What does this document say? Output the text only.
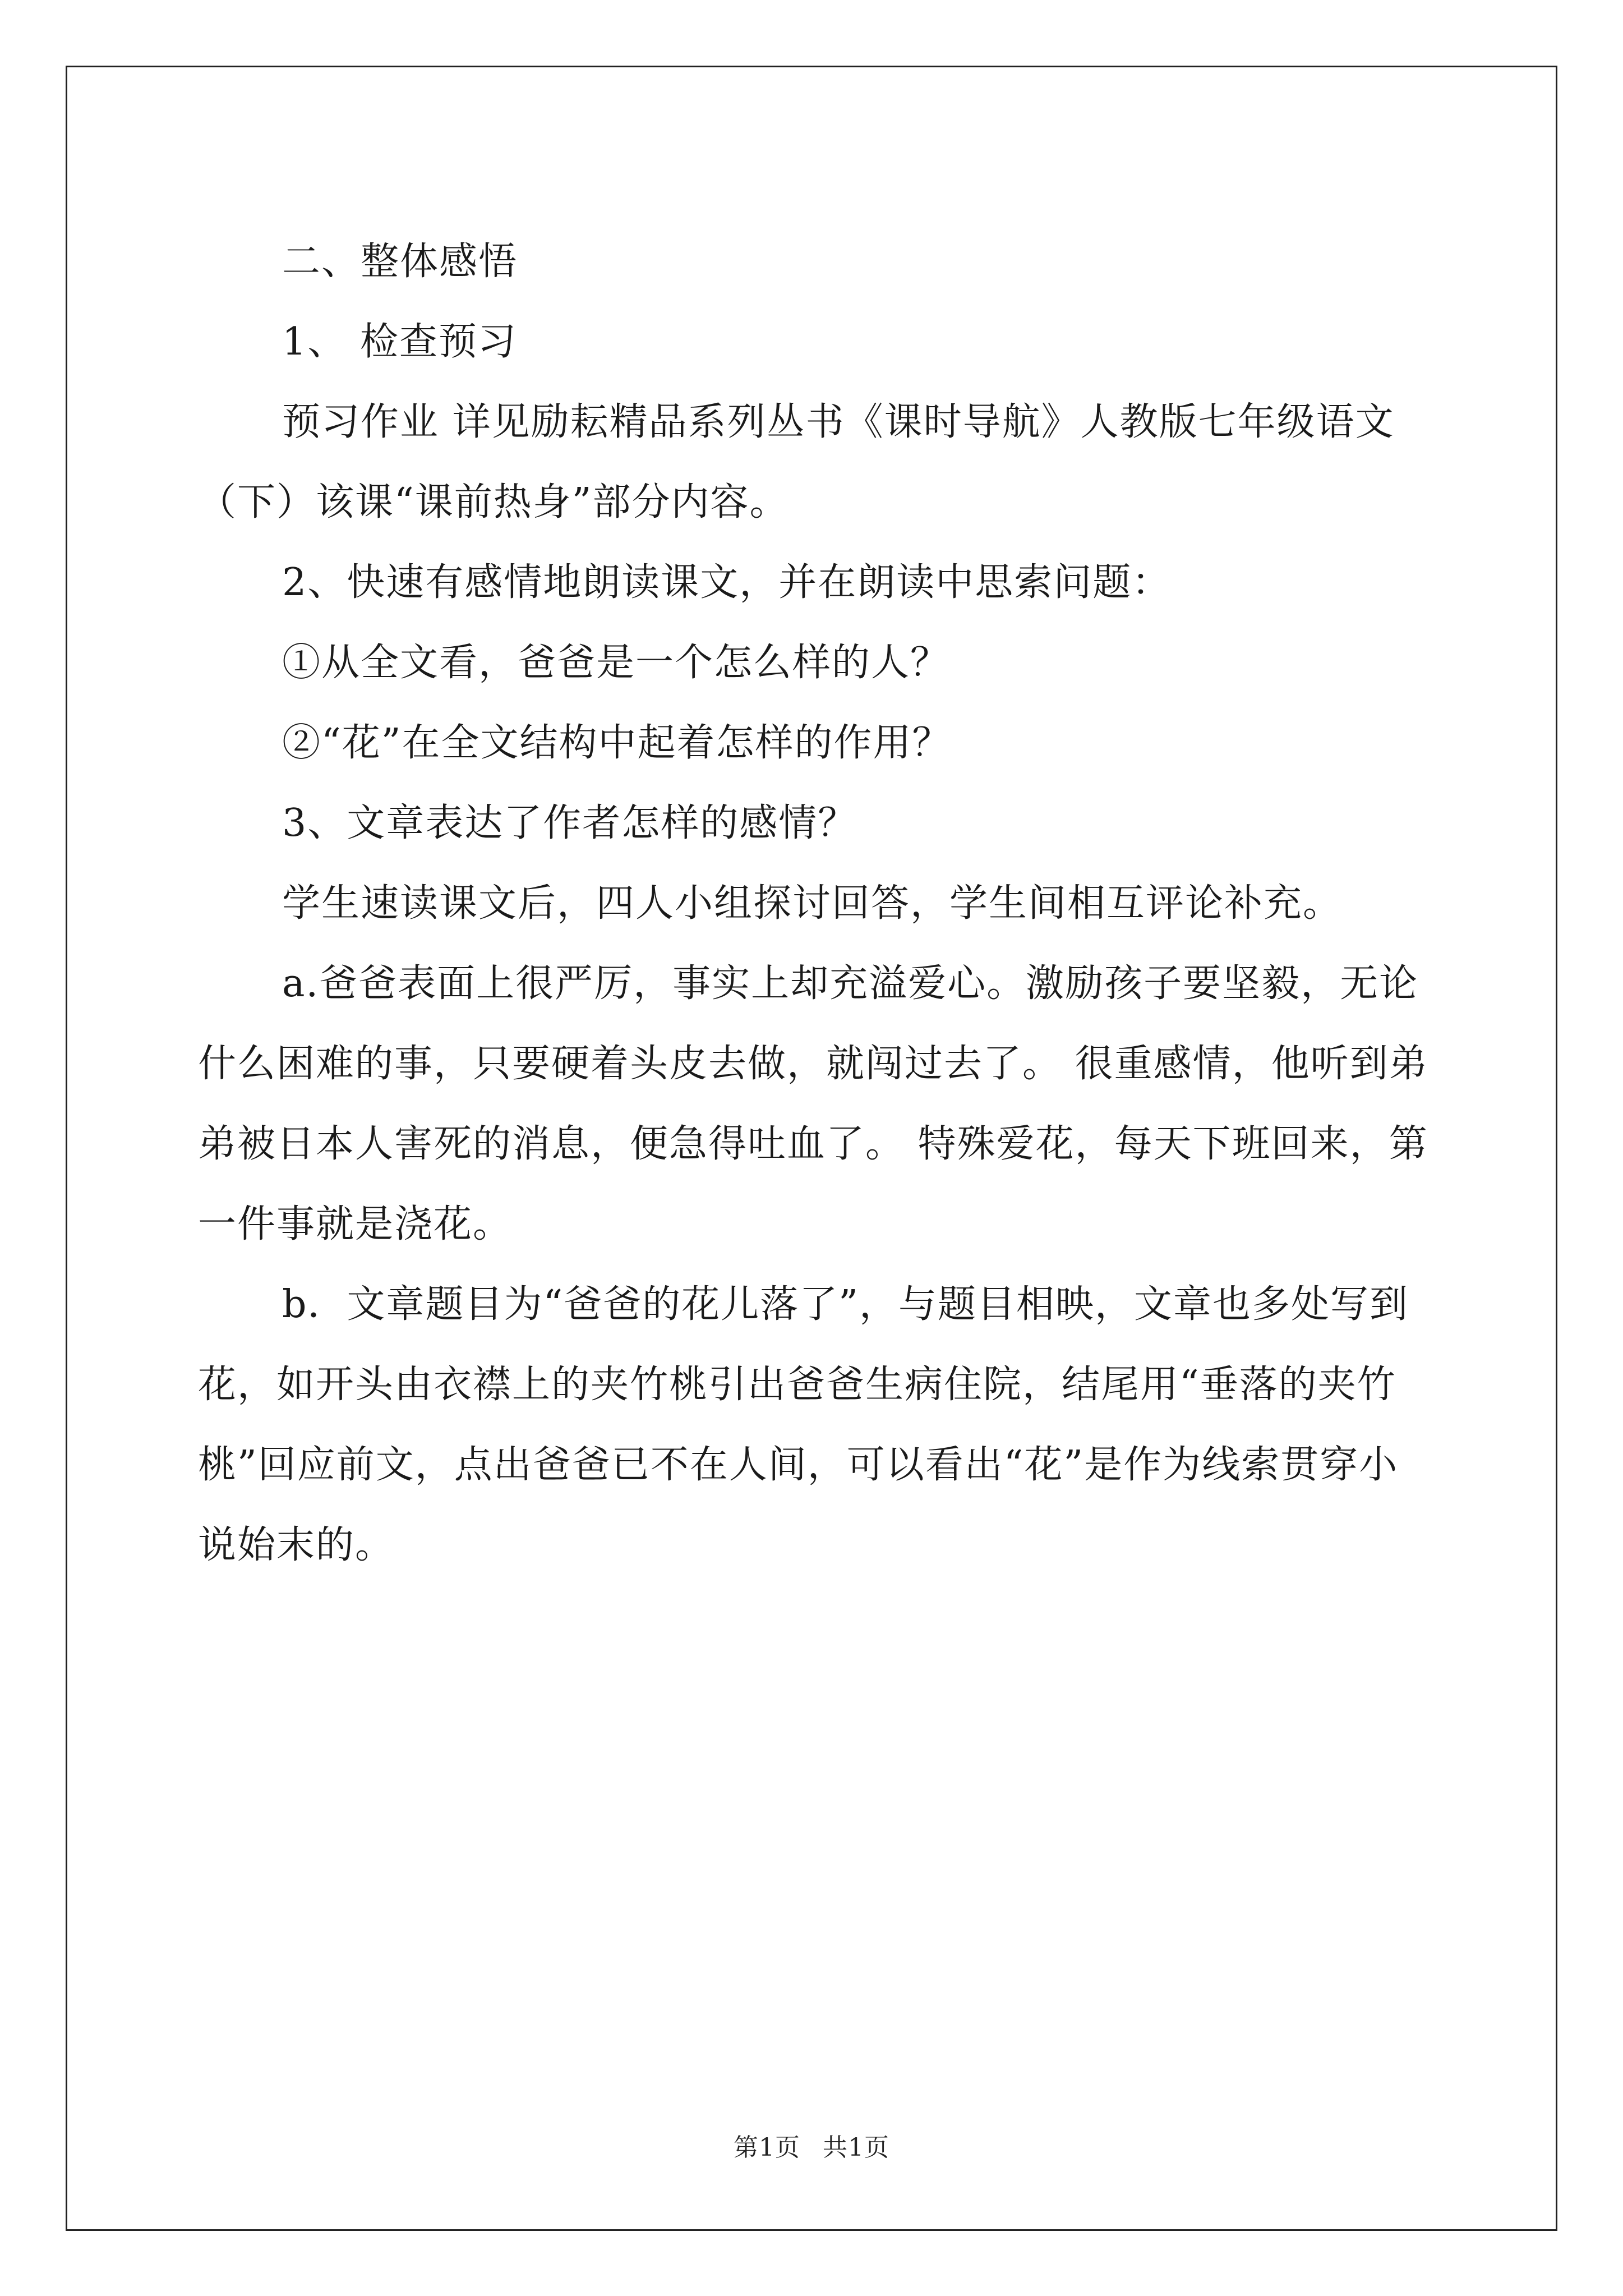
二、整体感悟

1、 检查预习

预习作业 详见励耘精品系列丛书《课时导航》人教版七年级语文（下）该课“课前热身”部分内容。

2、快速有感情地朗读课文，并在朗读中思索问题：

①从全文看，爸爸是一个怎么样的人？

②“花”在全文结构中起着怎样的作用？

3、文章表达了作者怎样的感情？

学生速读课文后，四人小组探讨回答，学生间相互评论补充。

a.爸爸表面上很严厉，事实上却充溢爱心。激励孩子要坚毅，无论什么困难的事，只要硬着头皮去做，就闯过去了。 很重感情，他听到弟弟被日本人害死的消息，便急得吐血了。 特殊爱花，每天下班回来，第一件事就是浇花。

b．文章题目为“爸爸的花儿落了”，与题目相映，文章也多处写到花，如开头由衣襟上的夹竹桃引出爸爸生病住院，结尾用“垂落的夹竹桃”回应前文，点出爸爸已不在人间，可以看出“花”是作为线索贯穿小说始末的。

第1页 共1页
